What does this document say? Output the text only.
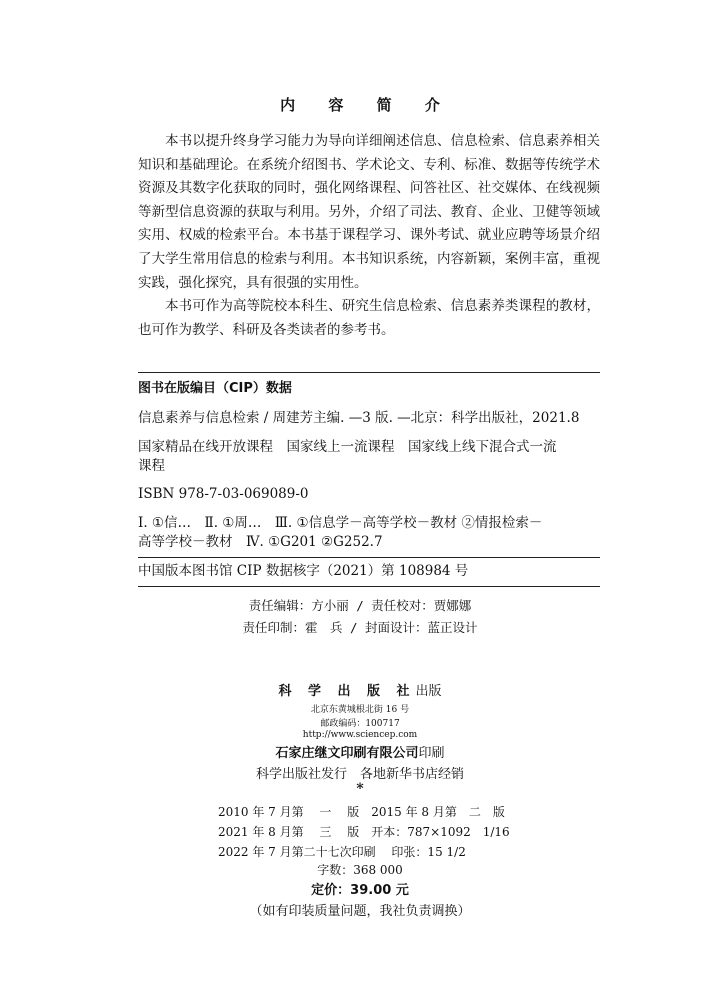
内 容 简 介

本书以提升终身学习能力为导向详细阐述信息、信息检索、信息素养相关知识和基础理论。在系统介绍图书、学术论文、专利、标准、数据等传统学术资源及其数字化获取的同时，强化网络课程、问答社区、社交媒体、在线视频等新型信息资源的获取与利用。另外，介绍了司法、教育、企业、卫健等领域实用、权威的检索平台。本书基于课程学习、课外考试、就业应聘等场景介绍了大学生常用信息的检索与利用。本书知识系统，内容新颖，案例丰富，重视实践，强化探究，具有很强的实用性。

本书可作为高等院校本科生、研究生信息检索、信息素养类课程的教材，也可作为教学、科研及各类读者的参考书。

图书在版编目（CIP）数据
信息素养与信息检索 / 周建芳主编. —3 版. —北京：科学出版社，2021.8
国家精品在线开放课程　国家线上一流课程　国家线上线下混合式一流
课程
ISBN 978-7-03-069089-0
Ⅰ. ①信…　Ⅱ. ①周…　Ⅲ. ①信息学－高等学校－教材 ②情报检索－
高等学校－教材　Ⅳ. ①G201 ②G252.7
中国版本图书馆 CIP 数据核字（2021）第 108984 号
责任编辑：方小丽 / 责任校对：贾娜娜
责任印制：霍　兵 / 封面设计：蓝正设计
科 学 出 版 社出版
北京东黄城根北街 16 号
邮政编码：100717
http://www.sciencep.com
石家庄继文印刷有限公司印刷
科学出版社发行　各地新华书店经销
*
2010 年 7 月第　 一　 版　2015 年 8 月第　二　版
2021 年 8 月第　 三　 版　开本：787×1092　1/16
2022 年 7 月第二十七次印刷　 印张：15 1/2
字数：368 000
定价：39.00 元
（如有印装质量问题，我社负责调换）
